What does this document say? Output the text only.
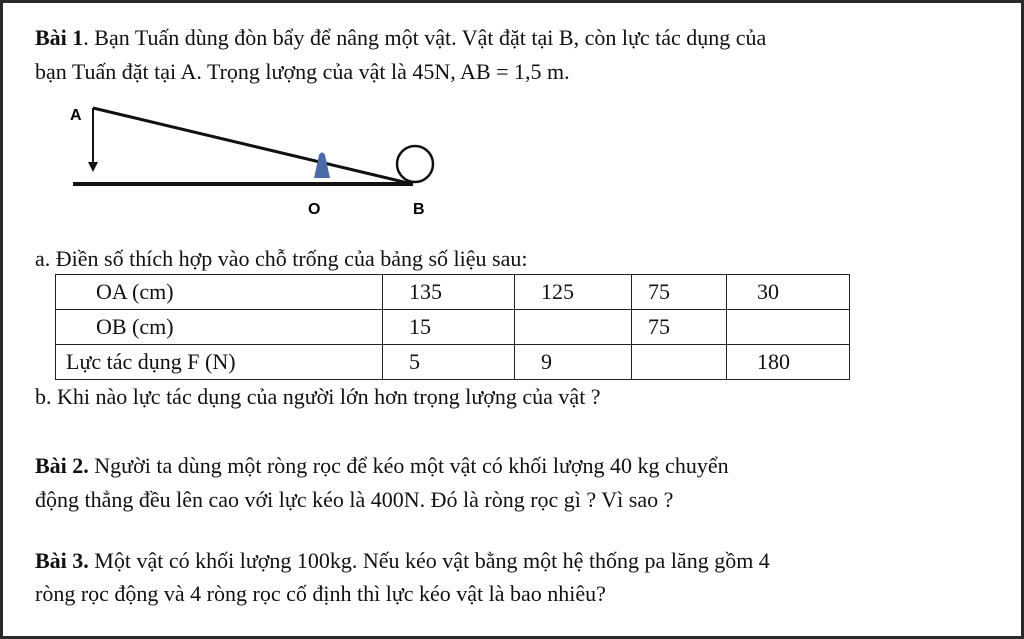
Bài 1. Bạn Tuấn dùng đòn bẩy để nâng một vật. Vật đặt tại B, còn lực tác dụng của
bạn Tuấn đặt tại A. Trọng lượng của vật là 45N, AB = 1,5 m.
A
O	B
a. Điền số thích hợp vào chỗ trống của bảng số liệu sau:
OA (cm)	135	125	75	30
OB (cm)	15		75	
Lực tác dụng F (N)	5	9		180
b. Khi nào lực tác dụng của người lớn hơn trọng lượng của vật ?
Bài 2. Người ta dùng một ròng rọc để kéo một vật có khối lượng 40 kg chuyển
động thẳng đều lên cao với lực kéo là 400N. Đó là ròng rọc gì ? Vì sao ?
Bài 3. Một vật có khối lượng 100kg. Nếu kéo vật bằng một hệ thống pa lăng gồm 4
ròng rọc động và 4 ròng rọc cố định thì lực kéo vật là bao nhiêu?
